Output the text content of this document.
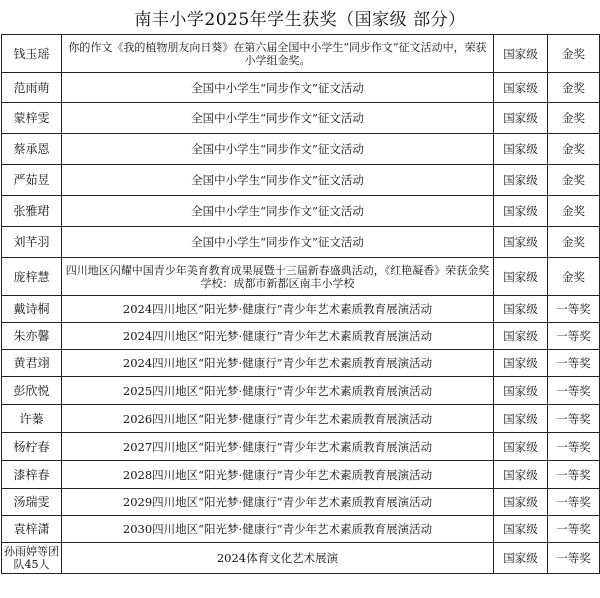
南丰小学2025年学生获奖（国家级 部分）
钱玉瑶	你的作文《我的植物朋友向日葵》在第六届全国中小学生“同步作文”征文活动中，荣获小学组金奖。	国家级	金奖
范雨萌	全国中小学生“同步作文”征文活动	国家级	金奖
蒙梓雯	全国中小学生“同步作文”征文活动	国家级	金奖
蔡承恩	全国中小学生“同步作文”征文活动	国家级	金奖
严茹昱	全国中小学生“同步作文”征文活动	国家级	金奖
张雅珺	全国中小学生“同步作文”征文活动	国家级	金奖
刘芊羽	全国中小学生“同步作文”征文活动	国家级	金奖
庞梓慧	四川地区闪耀中国青少年美育教育成果展暨十三届新春盛典活动，《红艳凝香》荣获金奖 学校：成都市新都区南丰小学校	国家级	金奖
戴诗桐	2024四川地区“阳光梦·健康行”青少年艺术素质教育展演活动	国家级	一等奖
朱亦馨	2024四川地区“阳光梦·健康行”青少年艺术素质教育展演活动	国家级	一等奖
黄君翊	2024四川地区“阳光梦·健康行”青少年艺术素质教育展演活动	国家级	一等奖
彭欣悦	2025四川地区“阳光梦·健康行”青少年艺术素质教育展演活动	国家级	一等奖
许蓁	2026四川地区“阳光梦·健康行”青少年艺术素质教育展演活动	国家级	一等奖
杨柠春	2027四川地区“阳光梦·健康行”青少年艺术素质教育展演活动	国家级	一等奖
漆梓春	2028四川地区“阳光梦·健康行”青少年艺术素质教育展演活动	国家级	一等奖
汤瑞雯	2029四川地区“阳光梦·健康行”青少年艺术素质教育展演活动	国家级	一等奖
袁梓潇	2030四川地区“阳光梦·健康行”青少年艺术素质教育展演活动	国家级	一等奖
孙雨婷等团队45人	2024体育文化艺术展演	国家级	一等奖
